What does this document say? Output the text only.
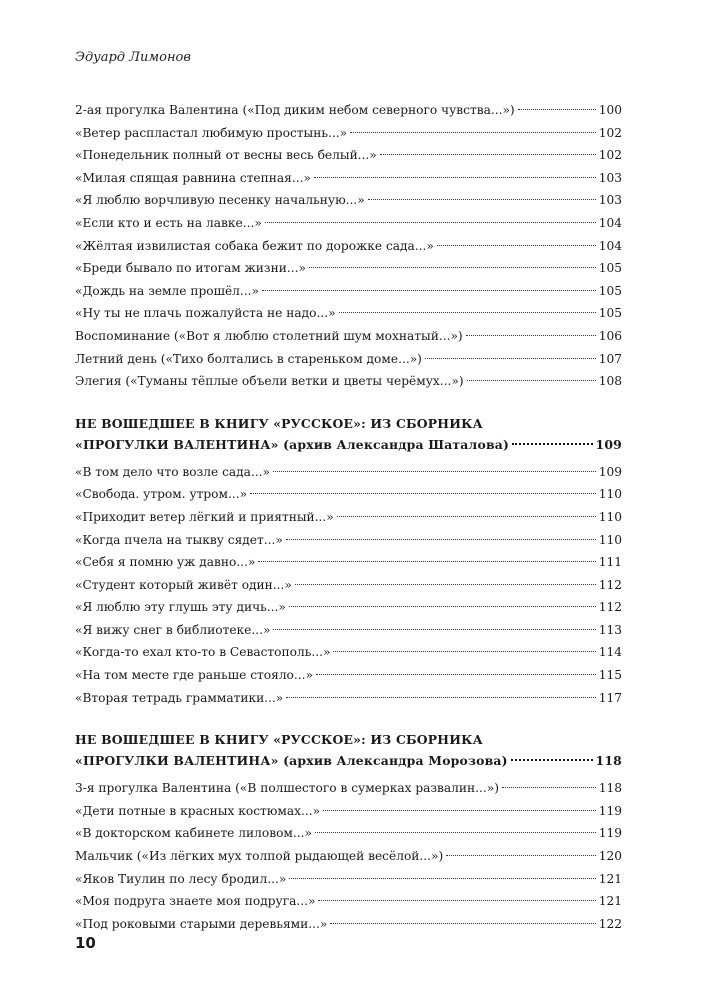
Эдуард Лимонов
2-ая прогулка Валентина («Под диким небом северного чувства...»)	100
«Ветер распластал любимую простынь...»	102
«Понедельник полный от весны весь белый...»	102
«Милая спящая равнина степная...»	103
«Я люблю ворчливую песенку начальную...»	103
«Если кто и есть на лавке...»	104
«Жёлтая извилистая собака бежит по дорожке сада...»	104
«Бреди бывало по итогам жизни...»	105
«Дождь на земле прошёл...»	105
«Ну ты не плачь пожалуйста не надо...»	105
Воспоминание («Вот я люблю столетний шум мохнатый...»)	106
Летний день («Тихо болтались в стареньком доме...»)	107
Элегия («Туманы тёплые объели ветки и цветы черёмух...»)	108
НЕ ВОШЕДШЕЕ В КНИГУ «РУССКОЕ»: ИЗ СБОРНИКА
«ПРОГУЛКИ ВАЛЕНТИНА» (архив Александра Шаталова)	109
«В том дело что возле сада...»	109
«Свобода. утром. утром...»	110
«Приходит ветер лёгкий и приятный...»	110
«Когда пчела на тыкву сядет...»	110
«Себя я помню уж давно...»	111
«Студент который живёт один...»	112
«Я люблю эту глушь эту дичь...»	112
«Я вижу снег в библиотеке...»	113
«Когда-то ехал кто-то в Севастополь...»	114
«На том месте где раньше стояло...»	115
«Вторая тетрадь грамматики...»	117
НЕ ВОШЕДШЕЕ В КНИГУ «РУССКОЕ»: ИЗ СБОРНИКА
«ПРОГУЛКИ ВАЛЕНТИНА» (архив Александра Морозова)	118
3-я прогулка Валентина («В полшестого в сумерках развалин...»)	118
«Дети потные в красных костюмах...»	119
«В докторском кабинете лиловом...»	119
Мальчик («Из лёгких мух толпой рыдающей весёлой...»)	120
«Яков Тиулин по лесу бродил...»	121
«Моя подруга знаете моя подруга...»	121
«Под роковыми старыми деревьями...»	122
10
